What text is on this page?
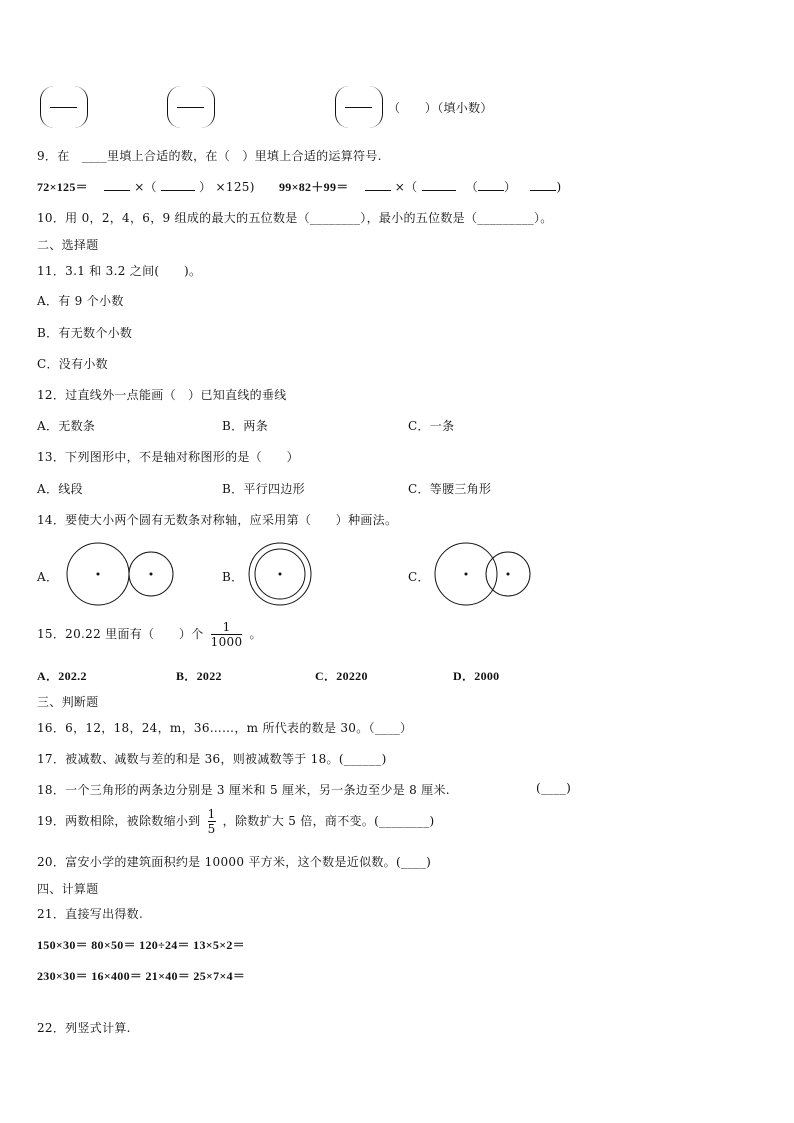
（　　）（填小数）
9．在　____里填上合适的数，在（　）里填上合适的运算符号.
72×125＝	×（	） ×125) 99×82＋99＝	×（	（ ）	)
10．用 0，2，4，6，9 组成的最大的五位数是（________），最小的五位数是（_________）。
二、选择题
11．3.1 和 3.2 之间(　　)。
A．有 9 个小数
B．有无数个小数
C．没有小数
12．过直线外一点能画（　）已知直线的垂线
A．无数条	B．两条	C．一条
13．下列图形中，不是轴对称图形的是（　　）
A．线段	B．平行四边形	C．等腰三角形
14．要使大小两个圆有无数条对称轴，应采用第（　　）种画法。
A．	B．	C．
15．20.22 里面有（　　）个 $\frac{1}{1000}$ 。
A．202.2	B．2022	C．20220	D．2000
三、判断题
16．6，12，18，24，m，36……，m 所代表的数是 30。（____）
17．被减数、减数与差的和是 36，则被减数等于 18。(______)
18．一个三角形的两条边分别是 3 厘米和 5 厘米，另一条边至少是 8 厘米.	(____)
19．两数相除，被除数缩小到 $\frac{1}{5}$ ，除数扩大 5 倍，商不变。(________)
20．富安小学的建筑面积约是 10000 平方米，这个数是近似数。(____)
四、计算题
21．直接写出得数.
150×30＝ 80×50＝ 120÷24＝ 13×5×2＝
230×30＝ 16×400＝ 21×40＝ 25×7×4＝
22．列竖式计算.
